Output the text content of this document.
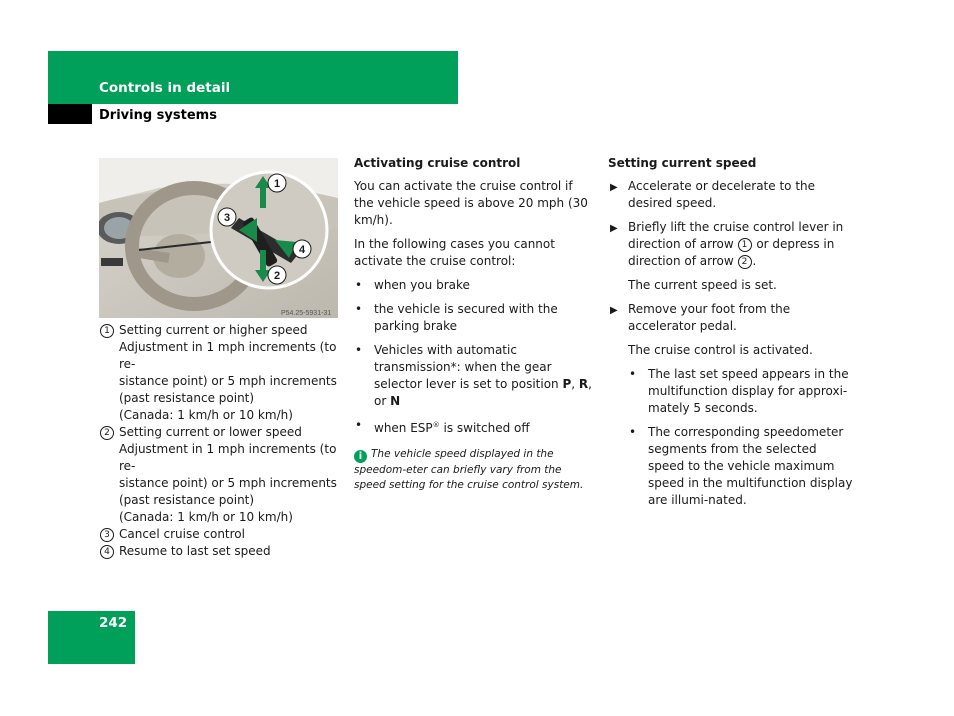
Controls in detail
Driving systems
1
2
3
4
P54.25-5931-31
1 Setting current or higher speed
Adjustment in 1 mph increments (to re-
sistance point) or 5 mph increments
(past resistance point)
(Canada: 1 km/h or 10 km/h)
2 Setting current or lower speed
Adjustment in 1 mph increments (to re-
sistance point) or 5 mph increments
(past resistance point)
(Canada: 1 km/h or 10 km/h)
3 Cancel cruise control
4 Resume to last set speed

Activating cruise control

You can activate the cruise control if the vehicle speed is above 20 mph (30 km/h).

In the following cases you cannot activate the cruise control:

• when you brake
• the vehicle is secured with the parking brake
• Vehicles with automatic transmission*: when the gear selector lever is set to position P, R, or N
• when ESP® is switched off

i The vehicle speed displayed in the speedom-eter can briefly vary from the speed setting for the cruise control system.

Setting current speed

▶ Accelerate or decelerate to the desired speed.
▶ Briefly lift the cruise control lever in direction of arrow 1 or depress in direction of arrow 2 .
The current speed is set.
▶ Remove your foot from the accelerator pedal.
The cruise control is activated.
• The last set speed appears in the multifunction display for approxi-mately 5 seconds.
• The corresponding speedometer segments from the selected speed to the vehicle maximum speed in the multifunction display are illumi-nated.
242
